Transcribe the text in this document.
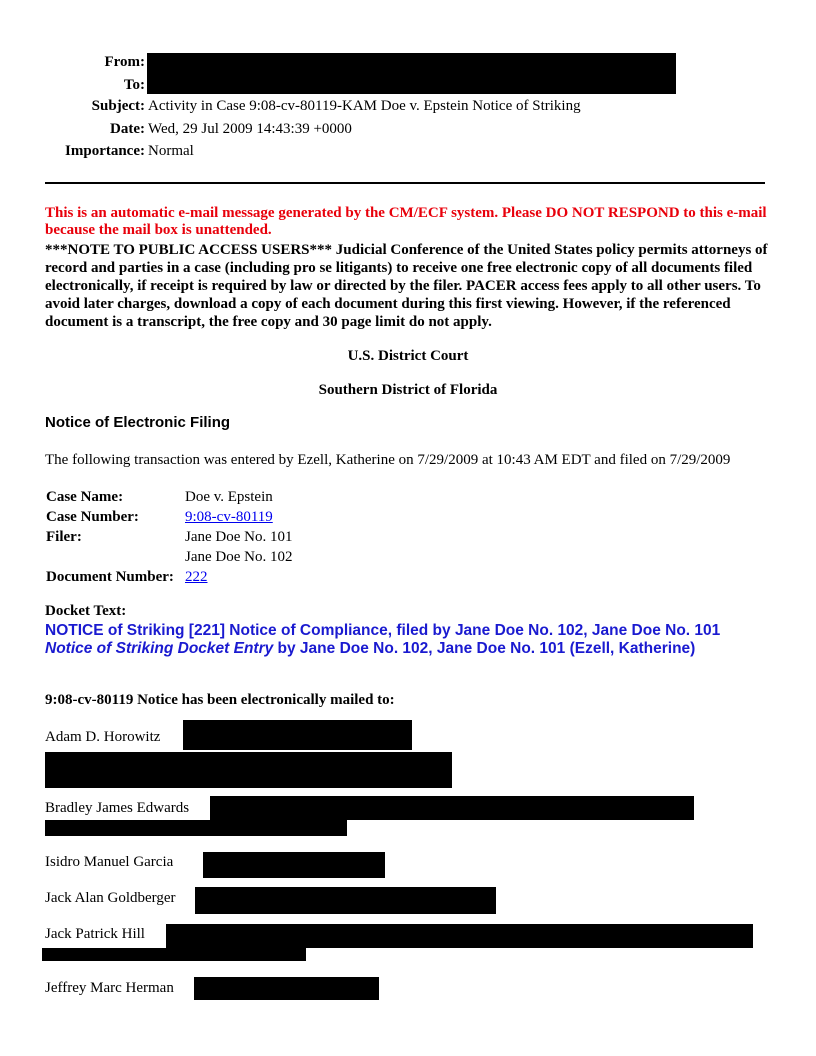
From:
To:
Subject: Activity in Case 9:08-cv-80119-KAM Doe v. Epstein Notice of Striking
Date: Wed, 29 Jul 2009 14:43:39 +0000
Importance: Normal
This is an automatic e-mail message generated by the CM/ECF system. Please DO NOT RESPOND to this e-mail because the mail box is unattended.
***NOTE TO PUBLIC ACCESS USERS*** Judicial Conference of the United States policy permits attorneys of record and parties in a case (including pro se litigants) to receive one free electronic copy of all documents filed electronically, if receipt is required by law or directed by the filer. PACER access fees apply to all other users. To avoid later charges, download a copy of each document during this first viewing. However, if the referenced document is a transcript, the free copy and 30 page limit do not apply.
U.S. District Court
Southern District of Florida
Notice of Electronic Filing
The following transaction was entered by Ezell, Katherine on 7/29/2009 at 10:43 AM EDT and filed on 7/29/2009
Case Name:	Doe v. Epstein
Case Number:	9:08-cv-80119
Filer:	Jane Doe No. 101
Jane Doe No. 102
Document Number: 222
Docket Text:
NOTICE of Striking [221] Notice of Compliance, filed by Jane Doe No. 102, Jane Doe No. 101
Notice of Striking Docket Entry by Jane Doe No. 102, Jane Doe No. 101 (Ezell, Katherine)
9:08-cv-80119 Notice has been electronically mailed to:
Adam D. Horowitz
Bradley James Edwards
Isidro Manuel Garcia
Jack Alan Goldberger
Jack Patrick Hill
Jeffrey Marc Herman
